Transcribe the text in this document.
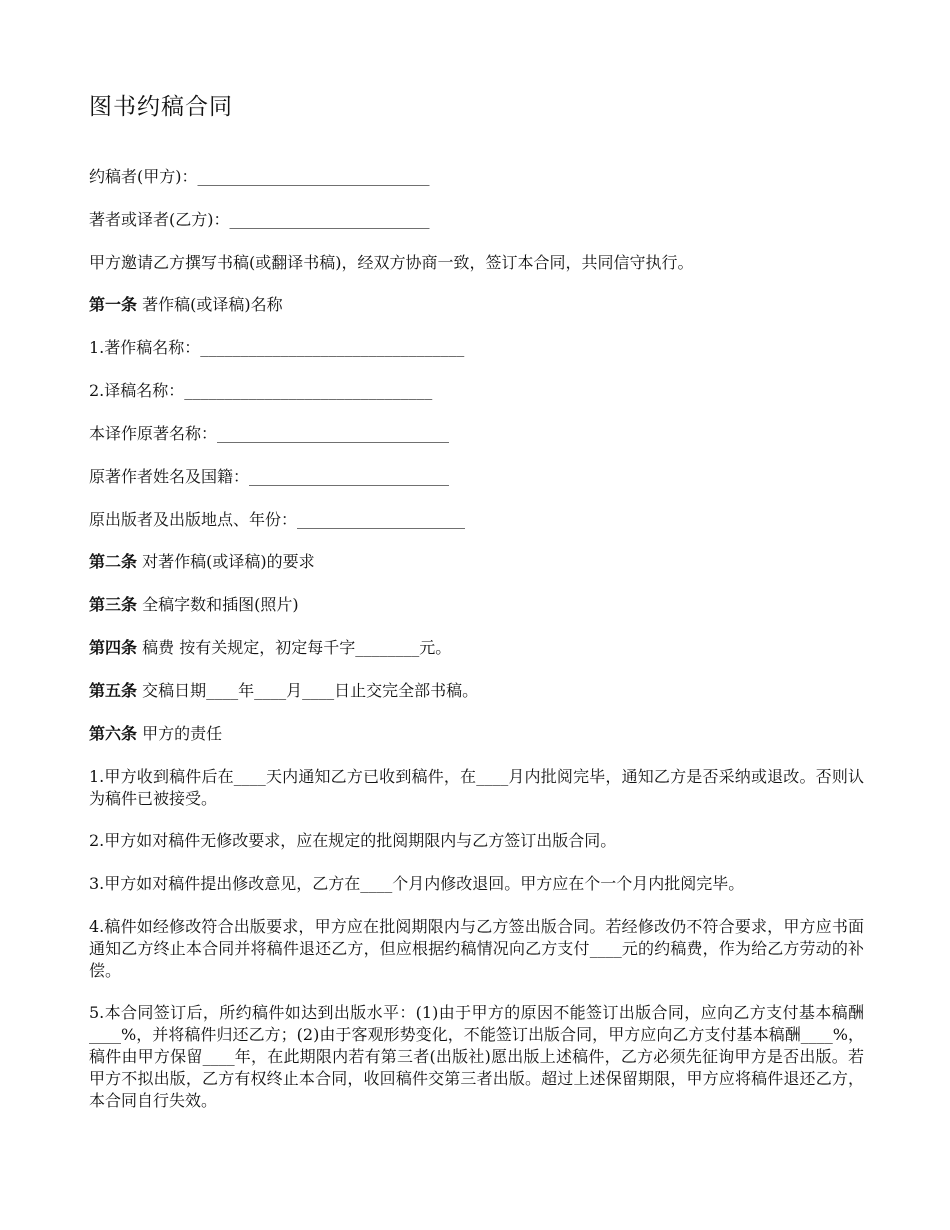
图书约稿合同
约稿者(甲方)：_____________________________
著者或译者(乙方)：_________________________
甲方邀请乙方撰写书稿(或翻译书稿)，经双方协商一致，签订本合同，共同信守执行。
第一条 著作稿(或译稿)名称
1.著作稿名称：_________________________________
2.译稿名称：_______________________________
本译作原著名称：_____________________________
原著作者姓名及国籍：_________________________
原出版者及出版地点、年份：_____________________
第二条 对著作稿(或译稿)的要求
第三条 全稿字数和插图(照片)
第四条 稿费 按有关规定，初定每千字________元。
第五条 交稿日期____年____月____日止交完全部书稿。
第六条 甲方的责任
1.甲方收到稿件后在____天内通知乙方已收到稿件，在____月内批阅完毕，通知乙方是否采纳或退改。否则认为稿件已被接受。
2.甲方如对稿件无修改要求，应在规定的批阅期限内与乙方签订出版合同。
3.甲方如对稿件提出修改意见，乙方在____个月内修改退回。甲方应在个一个月内批阅完毕。
4.稿件如经修改符合出版要求，甲方应在批阅期限内与乙方签出版合同。若经修改仍不符合要求，甲方应书面通知乙方终止本合同并将稿件退还乙方，但应根据约稿情况向乙方支付____元的约稿费，作为给乙方劳动的补偿。
5.本合同签订后，所约稿件如达到出版水平：(1)由于甲方的原因不能签订出版合同，应向乙方支付基本稿酬____%，并将稿件归还乙方；(2)由于客观形势变化，不能签订出版合同，甲方应向乙方支付基本稿酬____%，稿件由甲方保留____年，在此期限内若有第三者(出版社)愿出版上述稿件，乙方必须先征询甲方是否出版。若甲方不拟出版，乙方有权终止本合同，收回稿件交第三者出版。超过上述保留期限，甲方应将稿件退还乙方，本合同自行失效。
